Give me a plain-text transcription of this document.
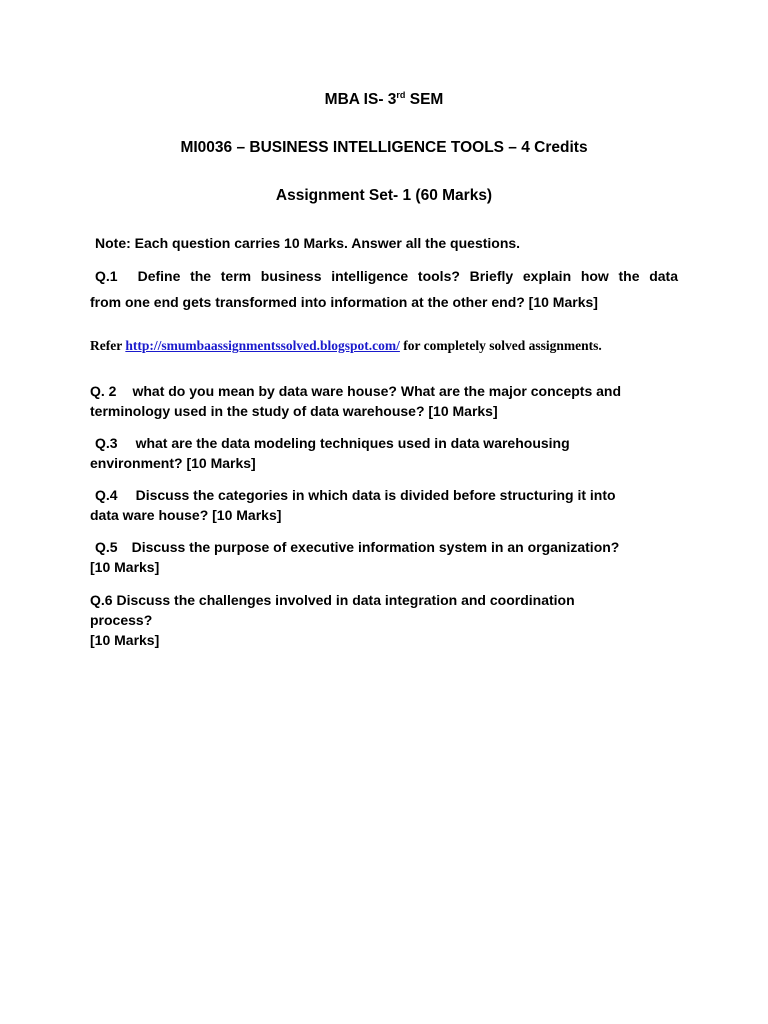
MBA IS- 3rd SEM
MI0036 – BUSINESS INTELLIGENCE TOOLS – 4 Credits
Assignment Set- 1 (60 Marks)
Note: Each question carries 10 Marks. Answer all the questions.
Q.1 Define the term business intelligence tools? Briefly explain how the data
from one end gets transformed into information at the other end? [10 Marks]
Refer http://smumbaassignmentssolved.blogspot.com/ for completely solved assignments.
Q. 2 what do you mean by data ware house? What are the major concepts and
terminology used in the study of data warehouse? [10 Marks]
Q.3 what are the data modeling techniques used in data warehousing
environment? [10 Marks]
Q.4 Discuss the categories in which data is divided before structuring it into
data ware house? [10 Marks]
Q.5 Discuss the purpose of executive information system in an organization?
[10 Marks]
Q.6 Discuss the challenges involved in data integration and coordination
process?
[10 Marks]
